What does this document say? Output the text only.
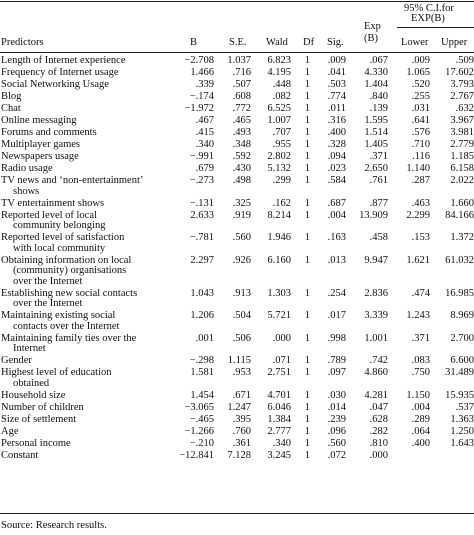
95% C.I.for
EXP(B)
Exp
(B)
Predictors	B	S.E. Wald Df Sig.	Lower Upper
Length of Internet experience	−2.708 1.037 6.823 1 .009 .067 .009 .509
Frequency of Internet usage	1.466 .716 4.195 1 .041 4.330 1.065 17.602
Social Networking Usage	.339 .507 .448 1 .503 1.404 .520 3.793
Blog	−.174 .608 .082 1 .774 .840 .255 2.767
Chat	−1.972 .772 6.525 1 .011 .139 .031 .632
Online messaging	.467 .465 1.007 1 .316 1.595 .641 3.967
Forums and comments	.415 .493 .707 1 .400 1.514 .576 3.981
Multiplayer games	.340 .348 .955 1 .328 1.405 .710 2.779
Newspapers usage	−.991 .592 2.802 1 .094 .371 .116 1.185
Radio usage	.679 .430 5.132 1 .023 2.650 1.140 6.158
TV news and ‘non-entertainment’
shows
−.273 .498 .299 1 .584 .761 .287 2.022
TV entertainment shows	−.131 .325 .162 1 .687 .877 .463 1.660
Reported level of local
community belonging
2.633 .919 8.214 1 .004 13.909 2.299 84.166
Reported level of satisfaction
with local community
−.781 .560 1.946 1 .163 .458 .153 1.372
Obtaining information on local
(community) organisations
over the Internet
2.297 .926 6.160 1 .013 9.947 1.621 61.032
Establishing new social contacts
over the Internet
1.043 .913 1.303 1 .254 2.836 .474 16.985
Maintaining existing social
contacts over the Internet
1.206 .504 5.721 1 .017 3.339 1.243 8.969
Maintaining family ties over the
Internet
.001 .506 .000 1 .998 1.001 .371 2.700
Gender	−.298 1.115 .071 1 .789 .742 .083 6.600
Highest level of education
obtained
1.581 .953 2.751 1 .097 4.860 .750 31.489
Household size	1.454 .671 4.701 1 .030 4.281 1.150 15.935
Number of children	−3.065 1.247 6.046 1 .014 .047 .004 .537
Size of settlement	−.465 .395 1.384 1 .239 .628 .289 1.363
Age	−1.266 .760 2.777 1 .096 .282 .064 1.250
Personal income	−.210 .361 .340 1 .560 .810 .400 1.643
Constant	−12.841 7.128 3.245 1 .072 .000
Source: Research results.
